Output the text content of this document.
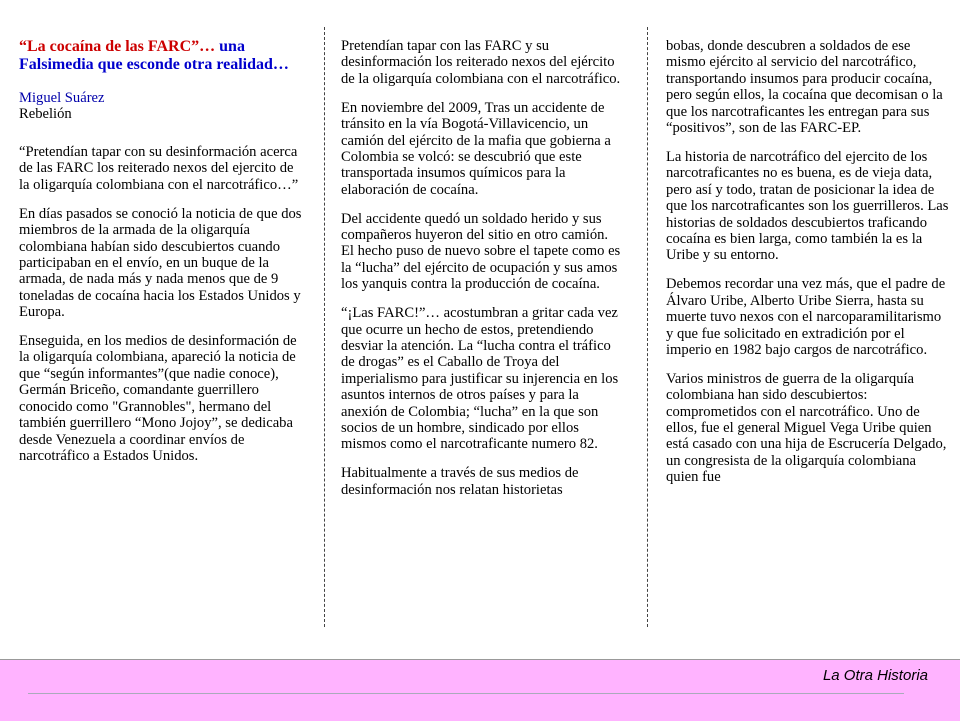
“La cocaína de las FARC”… una
Falsimedia que esconde otra realidad…
Miguel Suárez
Rebelión

“Pretendían tapar con su desinformación acerca de las FARC los reiterado nexos del ejercito de la oligarquía colombiana con el narcotráfico…”

En días pasados se conoció la noticia de que dos miembros de la armada de la oligarquía colombiana habían sido descubiertos cuando participaban en el envío, en un buque de la armada, de nada más y nada menos que de 9 toneladas de cocaína hacia los Estados Unidos y Europa.

Enseguida, en los medios de desinformación de la oligarquía colombiana, apareció la noticia de que “según informantes”(que nadie conoce), Germán Briceño, comandante guerrillero conocido como "Grannobles", hermano del también guerrillero “Mono Jojoy”, se dedicaba desde Venezuela a coordinar envíos de narcotráfico a Estados Unidos.

Pretendían tapar con las FARC y su desinformación los reiterado nexos del ejército de la oligarquía colombiana con el narcotráfico.

En noviembre del 2009, Tras un accidente de tránsito en la vía Bogotá-Villavicencio, un camión del ejército de la mafia que gobierna a Colombia se volcó: se descubrió que este transportada insumos químicos para la elaboración de cocaína.

Del accidente quedó un soldado herido y sus compañeros huyeron del sitio en otro camión. El hecho puso de nuevo sobre el tapete como es la “lucha” del ejército de ocupación y sus amos los yanquis contra la producción de cocaína.

“¡Las FARC!”… acostumbran a gritar cada vez que ocurre un hecho de estos, pretendiendo desviar la atención. La “lucha contra el tráfico de drogas” es el Caballo de Troya del imperialismo para justificar su injerencia en los asuntos internos de otros países y para la anexión de Colombia; “lucha” en la que son socios de un hombre, sindicado por ellos mismos como el narcotraficante numero 82.

Habitualmente a través de sus medios de desinformación nos relatan historietas

bobas, donde descubren a soldados de ese mismo ejército al servicio del narcotráfico, transportando insumos para producir cocaína, pero según ellos, la cocaína que decomisan o la que los narcotraficantes les entregan para sus “positivos”, son de las FARC-EP.

La historia de narcotráfico del ejercito de los narcotraficantes no es buena, es de vieja data, pero así y todo, tratan de posicionar la idea de que los narcotraficantes son los guerrilleros. Las historias de soldados descubiertos traficando cocaína es bien larga, como también la es la Uribe y su entorno.

Debemos recordar una vez más, que el padre de Álvaro Uribe, Alberto Uribe Sierra, hasta su muerte tuvo nexos con el narcoparamilitarismo y que fue solicitado en extradición por el imperio en 1982 bajo cargos de narcotráfico.

Varios ministros de guerra de la oligarquía colombiana han sido descubiertos: comprometidos con el narcotráfico. Uno de ellos, fue el general Miguel Vega Uribe quien está casado con una hija de Escrucería Delgado, un congresista de la oligarquía colombiana quien fue

La Otra Historia
